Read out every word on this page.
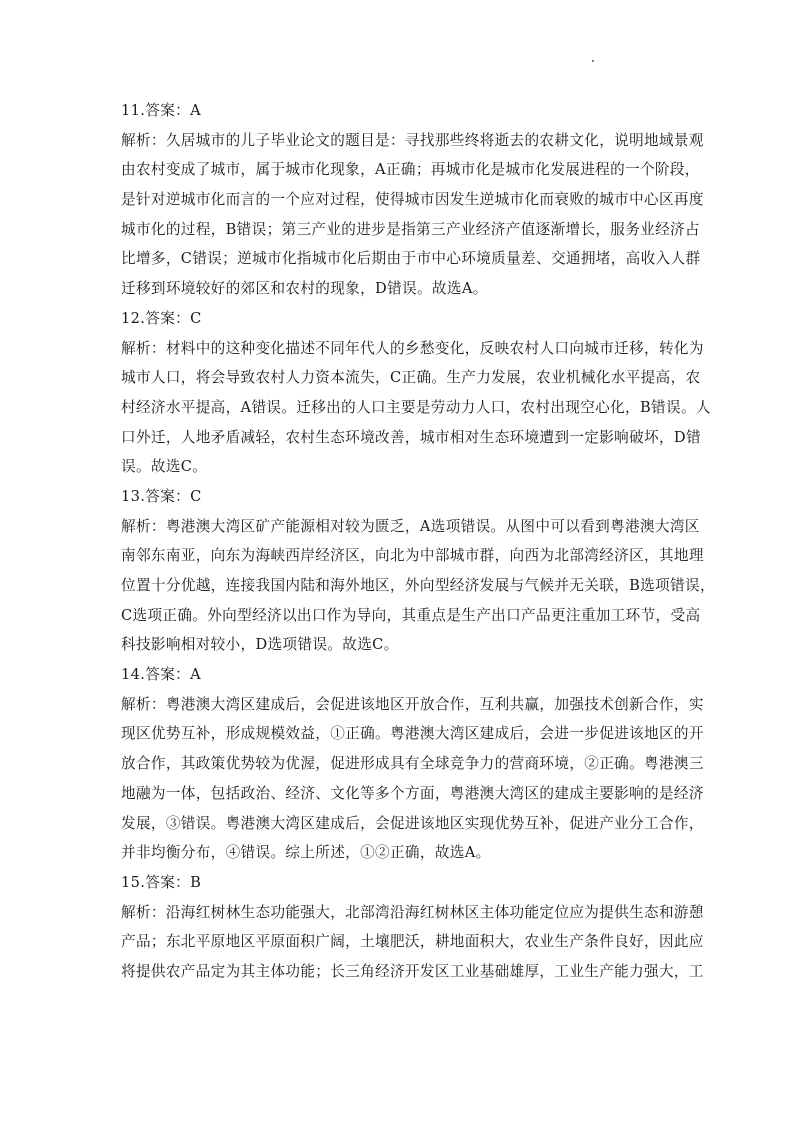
11.答案：A
解析：久居城市的儿子毕业论文的题目是：寻找那些终将逝去的农耕文化，说明地域景观
由农村变成了城市，属于城市化现象，A正确；再城市化是城市化发展进程的一个阶段，
是针对逆城市化而言的一个应对过程，使得城市因发生逆城市化而衰败的城市中心区再度
城市化的过程，B错误；第三产业的进步是指第三产业经济产值逐渐增长，服务业经济占
比增多，C错误；逆城市化指城市化后期由于市中心环境质量差、交通拥堵，高收入人群
迁移到环境较好的郊区和农村的现象，D错误。故选A。
12.答案：C
解析：材料中的这种变化描述不同年代人的乡愁变化，反映农村人口向城市迁移，转化为
城市人口，将会导致农村人力资本流失，C正确。生产力发展，农业机械化水平提高，农
村经济水平提高，A错误。迁移出的人口主要是劳动力人口，农村出现空心化，B错误。人
口外迁，人地矛盾减轻，农村生态环境改善，城市相对生态环境遭到一定影响破坏，D错
误。故选C。
13.答案：C
解析：粤港澳大湾区矿产能源相对较为匮乏，A选项错误。从图中可以看到粤港澳大湾区
南邻东南亚，向东为海峡西岸经济区，向北为中部城市群，向西为北部湾经济区，其地理
位置十分优越，连接我国内陆和海外地区，外向型经济发展与气候并无关联，B选项错误，
C选项正确。外向型经济以出口作为导向，其重点是生产出口产品更注重加工环节，受高
科技影响相对较小，D选项错误。故选C。
14.答案：A
解析：粤港澳大湾区建成后，会促进该地区开放合作，互利共赢，加强技术创新合作，实
现区优势互补，形成规模效益，①正确。粤港澳大湾区建成后，会进一步促进该地区的开
放合作，其政策优势较为优渥，促进形成具有全球竞争力的营商环境，②正确。粤港澳三
地融为一体，包括政治、经济、文化等多个方面，粤港澳大湾区的建成主要影响的是经济
发展，③错误。粤港澳大湾区建成后，会促进该地区实现优势互补，促进产业分工合作，
并非均衡分布，④错误。综上所述，①②正确，故选A。
15.答案：B
解析：沿海红树林生态功能强大，北部湾沿海红树林区主体功能定位应为提供生态和游憩
产品；东北平原地区平原面积广阔，土壤肥沃，耕地面积大，农业生产条件良好，因此应
将提供农产品定为其主体功能；长三角经济开发区工业基础雄厚，工业生产能力强大，工
